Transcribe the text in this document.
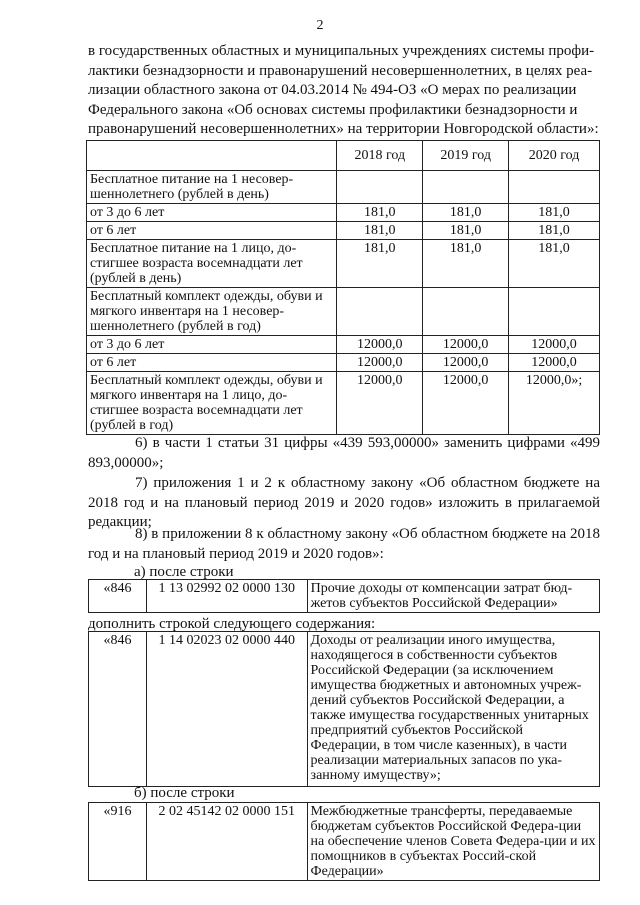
2
в государственных областных и муниципальных учреждениях системы профи-
лактики безнадзорности и правонарушений несовершеннолетних, в целях реа-
лизации областного закона от 04.03.2014 № 494-ОЗ «О мерах по реализации
Федерального закона «Об основах системы профилактики безнадзорности и
правонарушений несовершеннолетних» на территории Новгородской области»:
	2018 год	2019 год	2020 год
Бесплатное питание на 1 несовер-шеннолетнего (рублей в день)			
от 3 до 6 лет	181,0	181,0	181,0
от 6 лет	181,0	181,0	181,0
Бесплатное питание на 1 лицо, до-стигшее возраста восемнадцати лет (рублей в день)	181,0	181,0	181,0
Бесплатный комплект одежды, обуви и мягкого инвентаря на 1 несовер-шеннолетнего (рублей в год)			
от 3 до 6 лет	12000,0	12000,0	12000,0
от 6 лет	12000,0	12000,0	12000,0
Бесплатный комплект одежды, обуви и мягкого инвентаря на 1 лицо, до-стигшее возраста восемнадцати лет (рублей в год)	12000,0	12000,0	12000,0»;
6) в части 1 статьи 31 цифры «439 593,00000» заменить цифрами «499 893,00000»;
7) приложения 1 и 2 к областному закону «Об областном бюджете на 2018 год и на плановый период 2019 и 2020 годов» изложить в прилагаемой редакции;
8) в приложении 8 к областному закону «Об областном бюджете на 2018 год и на плановый период 2019 и 2020 годов»:
а) после строки
«846	1 13 02992 02 0000 130	Прочие доходы от компенсации затрат бюд-жетов субъектов Российской Федерации»
дополнить строкой следующего содержания:
«846	1 14 02023 02 0000 440	Доходы от реализации иного имущества, находящегося в собственности субъектов Российской Федерации (за исключением имущества бюджетных и автономных учреж-дений субъектов Российской Федерации, а также имущества государственных унитарных предприятий субъектов Российской Федерации, в том числе казенных), в части реализации материальных запасов по ука-занному имуществу»;
б) после строки
«916	2 02 45142 02 0000 151	Межбюджетные трансферты, передаваемые бюджетам субъектов Российской Федера-ции на обеспечение членов Совета Федера-ции и их помощников в субъектах Россий-ской Федерации»
